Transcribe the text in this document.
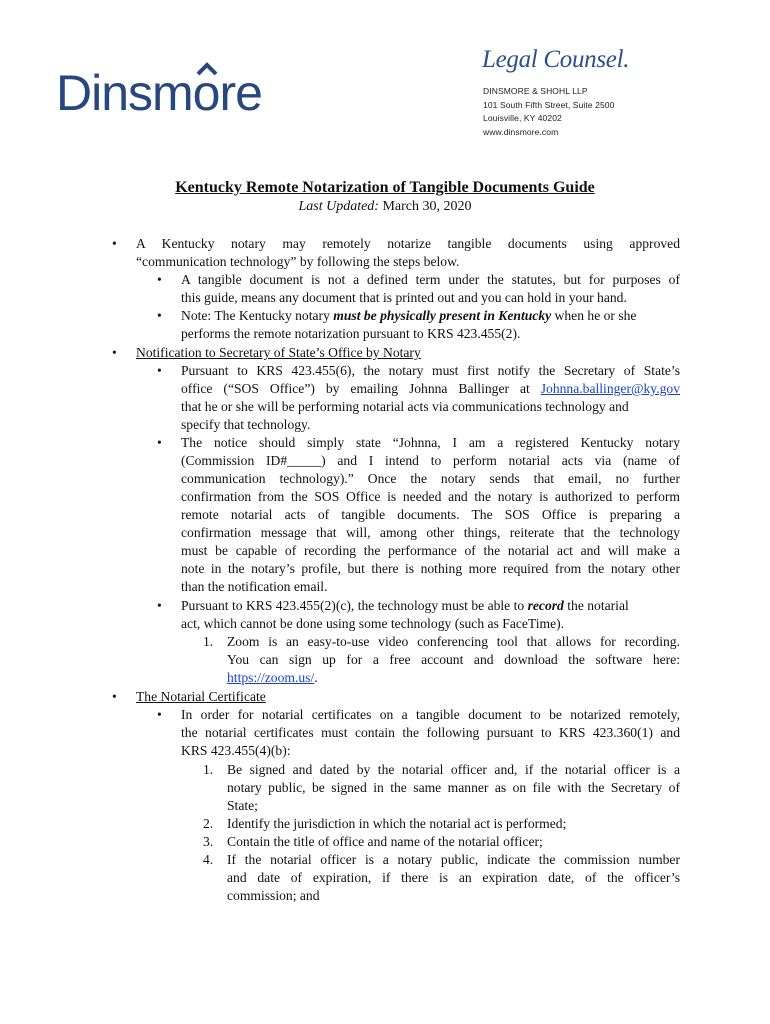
Dinsmore
Legal Counsel.
DINSMORE & SHOHL LLP
101 South Fifth Street, Suite 2500
Louisville, KY 40202
www.dinsmore.com
Kentucky Remote Notarization of Tangible Documents Guide
Last Updated: March 30, 2020
• A Kentucky notary may remotely notarize tangible documents using approved
“communication technology” by following the steps below.
• A tangible document is not a defined term under the statutes, but for purposes of
this guide, means any document that is printed out and you can hold in your hand.
• Note: The Kentucky notary must be physically present in Kentucky when he or she
performs the remote notarization pursuant to KRS 423.455(2).
• Notification to Secretary of State’s Office by Notary
• Pursuant to KRS 423.455(6), the notary must first notify the Secretary of State’s
office (“SOS Office”) by emailing Johnna Ballinger at Johnna.ballinger@ky.gov
that he or she will be performing notarial acts via communications technology and
specify that technology.
• The notice should simply state “Johnna, I am a registered Kentucky notary
(Commission ID#_____) and I intend to perform notarial acts via (name of
communication technology).” Once the notary sends that email, no further
confirmation from the SOS Office is needed and the notary is authorized to perform
remote notarial acts of tangible documents. The SOS Office is preparing a
confirmation message that will, among other things, reiterate that the technology
must be capable of recording the performance of the notarial act and will make a
note in the notary’s profile, but there is nothing more required from the notary other
than the notification email.
• Pursuant to KRS 423.455(2)(c), the technology must be able to record the notarial
act, which cannot be done using some technology (such as FaceTime).
1. Zoom is an easy-to-use video conferencing tool that allows for recording.
You can sign up for a free account and download the software here:
https://zoom.us/.
• The Notarial Certificate
• In order for notarial certificates on a tangible document to be notarized remotely,
the notarial certificates must contain the following pursuant to KRS 423.360(1) and
KRS 423.455(4)(b):
1. Be signed and dated by the notarial officer and, if the notarial officer is a
notary public, be signed in the same manner as on file with the Secretary of
State;
2. Identify the jurisdiction in which the notarial act is performed;
3. Contain the title of office and name of the notarial officer;
4. If the notarial officer is a notary public, indicate the commission number
and date of expiration, if there is an expiration date, of the officer’s
commission; and
